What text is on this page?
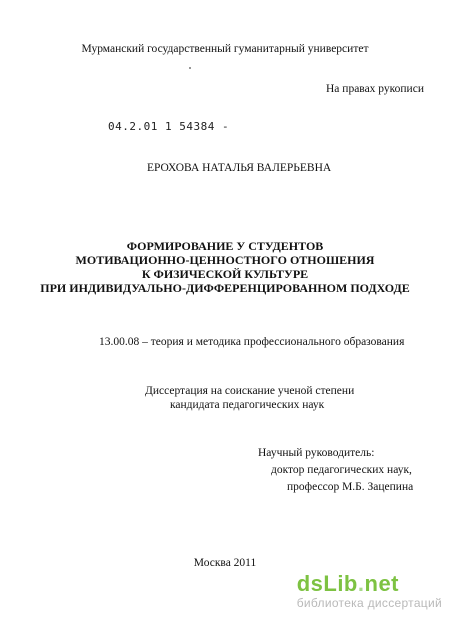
Мурманский государственный гуманитарный университет
На правах рукописи
04.2.01 1 54384 -
ЕРОХОВА НАТАЛЬЯ ВАЛЕРЬЕВНА
ФОРМИРОВАНИЕ У СТУДЕНТОВ
МОТИВАЦИОННО-ЦЕННОСТНОГО ОТНОШЕНИЯ
К ФИЗИЧЕСКОЙ КУЛЬТУРЕ
ПРИ ИНДИВИДУАЛЬНО-ДИФФЕРЕНЦИРОВАННОМ ПОДХОДЕ
13.00.08 – теория и методика профессионального образования
Диссертация на соискание ученой степени
кандидата педагогических наук
Научный руководитель:
доктор педагогических наук,
профессор М.Б. Зацепина
Москва 2011
dsLib.net
библиотека диссертаций
